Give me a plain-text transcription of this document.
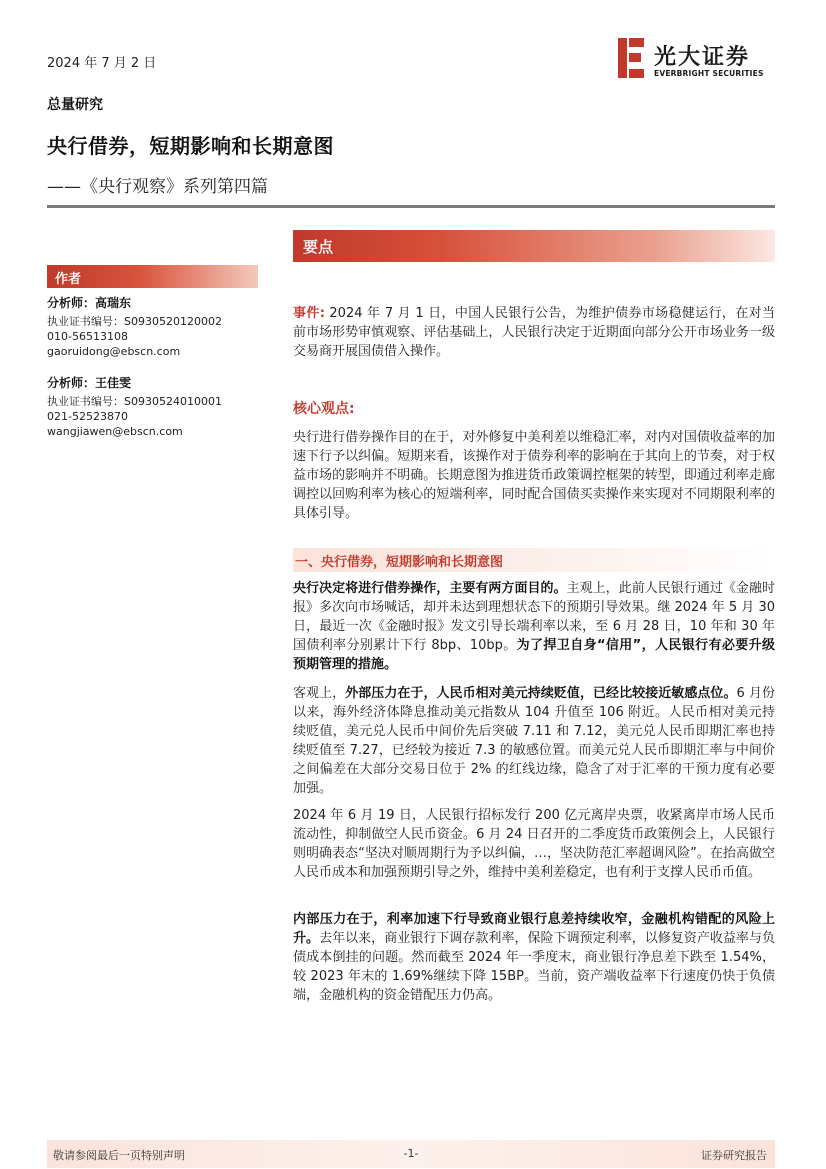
2024 年 7 月 2 日
总量研究
央行借券，短期影响和长期意图
——《央行观察》系列第四篇
光大证券
EVERBRIGHT SECURITIES
作者
分析师：高瑞东
执业证书编号：S0930520120002
010-56513108
gaoruidong@ebscn.com
分析师：王佳雯
执业证书编号：S0930524010001
021-52523870
wangjiawen@ebscn.com
要点
事件: 2024 年 7 月 1 日，中国人民银行公告，为维护债券市场稳健运行，在对当前市场形势审慎观察、评估基础上，人民银行决定于近期面向部分公开市场业务一级交易商开展国债借入操作。
核心观点:
央行进行借券操作目的在于，对外修复中美利差以维稳汇率，对内对国债收益率的加速下行予以纠偏。短期来看，该操作对于债券利率的影响在于其向上的节奏，对于权益市场的影响并不明确。长期意图为推进货币政策调控框架的转型，即通过利率走廊调控以回购利率为核心的短端利率，同时配合国债买卖操作来实现对不同期限利率的具体引导。
一、央行借券，短期影响和长期意图
央行决定将进行借券操作，主要有两方面目的。主观上，此前人民银行通过《金融时报》多次向市场喊话，却并未达到理想状态下的预期引导效果。继 2024 年 5 月 30 日，最近一次《金融时报》发文引导长端利率以来，至 6 月 28 日，10 年和 30 年国债利率分别累计下行 8bp、10bp。为了捍卫自身“信用”，人民银行有必要升级预期管理的措施。
客观上，外部压力在于，人民币相对美元持续贬值，已经比较接近敏感点位。6 月份以来，海外经济体降息推动美元指数从 104 升值至 106 附近。人民币相对美元持续贬值，美元兑人民币中间价先后突破 7.11 和 7.12，美元兑人民币即期汇率也持续贬值至 7.27，已经较为接近 7.3 的敏感位置。而美元兑人民币即期汇率与中间价之间偏差在大部分交易日位于 2% 的红线边缘，隐含了对于汇率的干预力度有必要加强。
2024 年 6 月 19 日，人民银行招标发行 200 亿元离岸央票，收紧离岸市场人民币流动性，抑制做空人民币资金。6 月 24 日召开的二季度货币政策例会上，人民银行则明确表态“坚决对顺周期行为予以纠偏，…，坚决防范汇率超调风险”。在抬高做空人民币成本和加强预期引导之外，维持中美利差稳定，也有利于支撑人民币币值。
内部压力在于，利率加速下行导致商业银行息差持续收窄，金融机构错配的风险上升。去年以来，商业银行下调存款利率，保险下调预定利率，以修复资产收益率与负债成本倒挂的问题。然而截至 2024 年一季度末，商业银行净息差下跌至 1.54%，较 2023 年末的 1.69%继续下降 15BP。当前，资产端收益率下行速度仍快于负债端，金融机构的资金错配压力仍高。
敬请参阅最后一页特别声明	-1-	证券研究报告
